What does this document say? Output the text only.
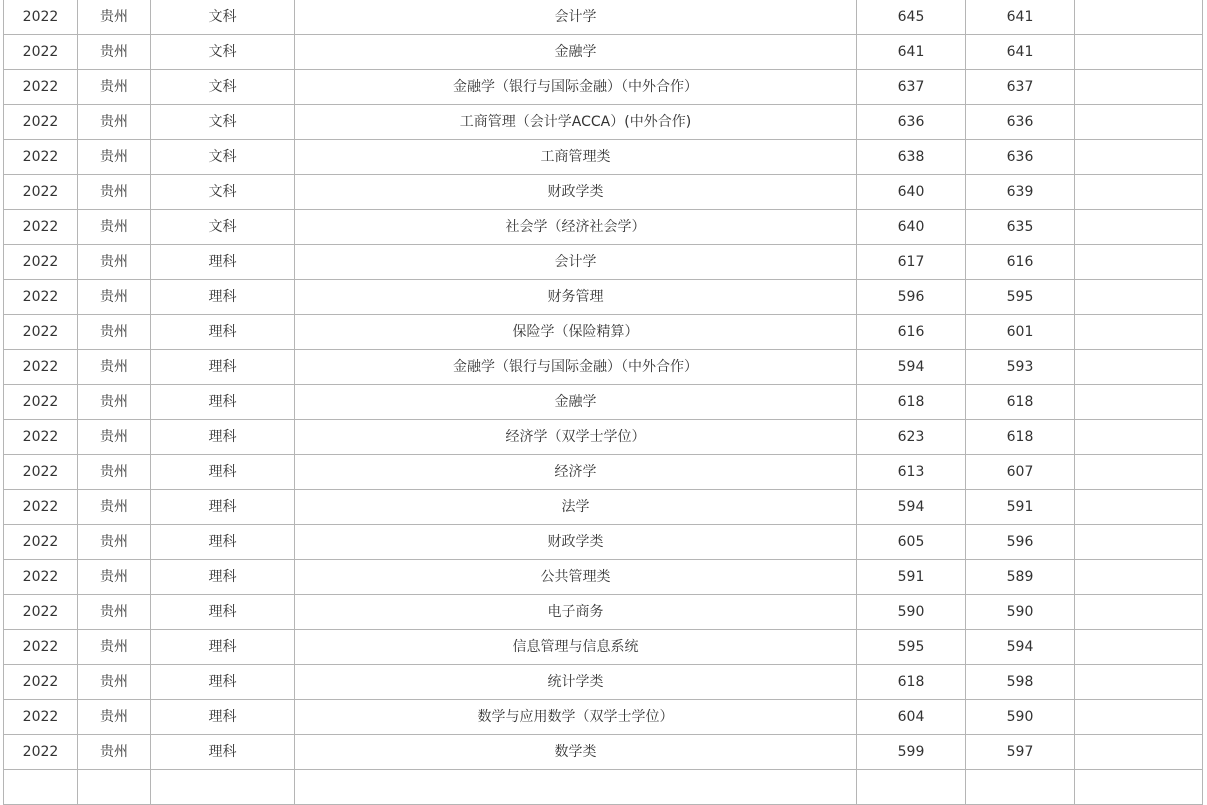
2022	贵州	文科	会计学	645	641	
2022	贵州	文科	金融学	641	641	
2022	贵州	文科	金融学（银行与国际金融）（中外合作）	637	637	
2022	贵州	文科	工商管理（会计学ACCA）(中外合作)	636	636	
2022	贵州	文科	工商管理类	638	636	
2022	贵州	文科	财政学类	640	639	
2022	贵州	文科	社会学（经济社会学）	640	635	
2022	贵州	理科	会计学	617	616	
2022	贵州	理科	财务管理	596	595	
2022	贵州	理科	保险学（保险精算）	616	601	
2022	贵州	理科	金融学（银行与国际金融）（中外合作）	594	593	
2022	贵州	理科	金融学	618	618	
2022	贵州	理科	经济学（双学士学位）	623	618	
2022	贵州	理科	经济学	613	607	
2022	贵州	理科	法学	594	591	
2022	贵州	理科	财政学类	605	596	
2022	贵州	理科	公共管理类	591	589	
2022	贵州	理科	电子商务	590	590	
2022	贵州	理科	信息管理与信息系统	595	594	
2022	贵州	理科	统计学类	618	598	
2022	贵州	理科	数学与应用数学（双学士学位）	604	590	
2022	贵州	理科	数学类	599	597	
